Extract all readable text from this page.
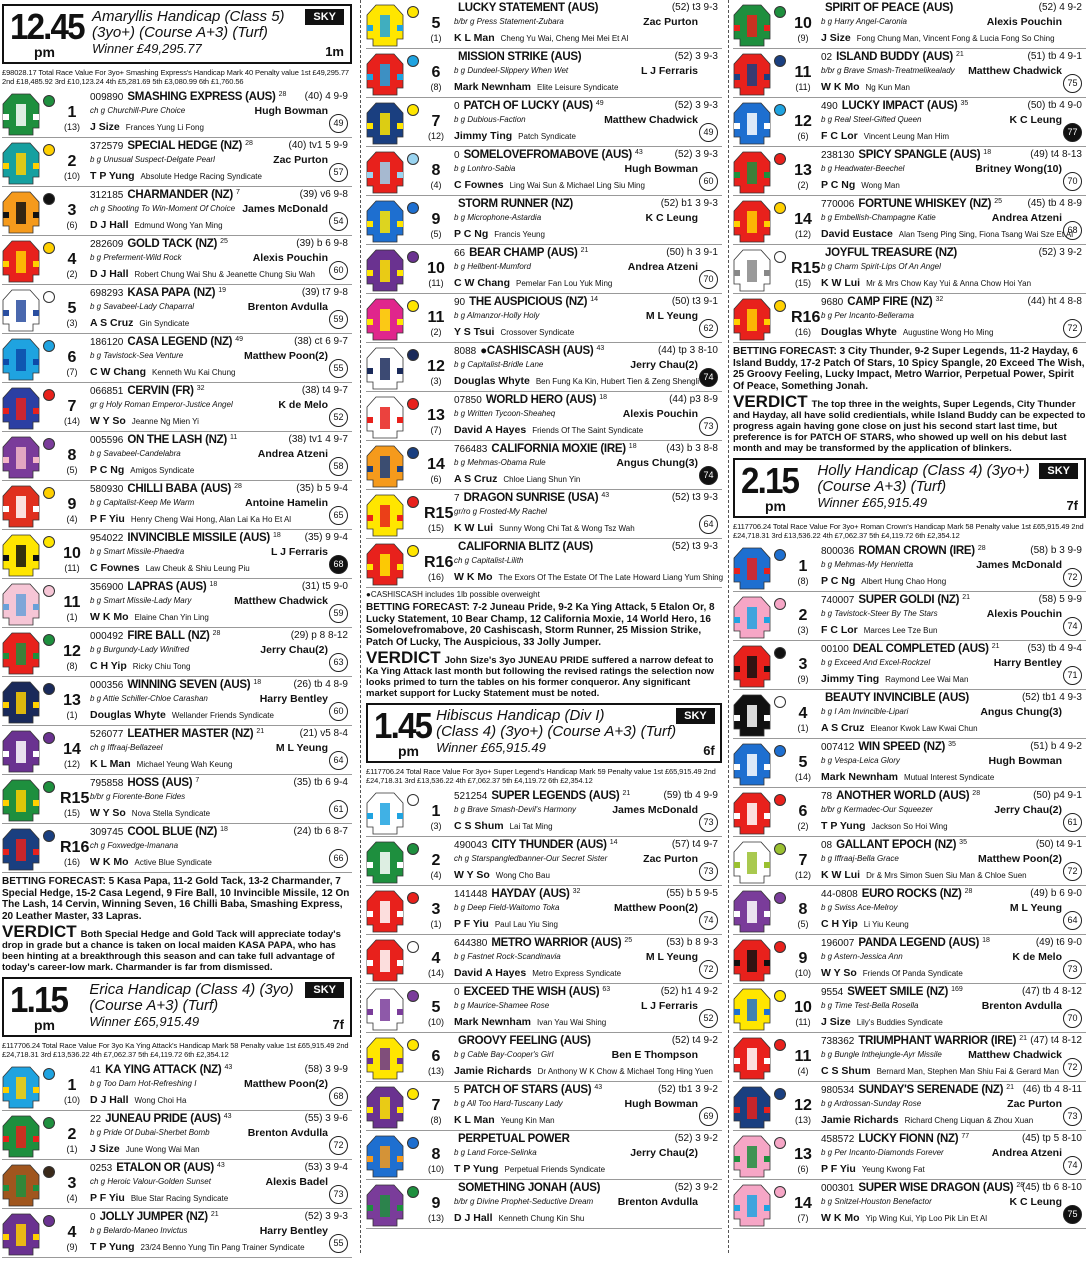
12.45
pm
Amaryllis Handicap (Class 5)
(3yo+) (Course A+3) (Turf)
Winner £49,295.77
SKY
1m
£98028.17 Total Race Value For 3yo+ Smashing Express's Handicap Mark 40 Penalty value 1st £49,295.77 2nd £18,485.92 3rd £10,123.24 4th £5,281.69 5th £3,080.99 6th £1,760.56
1
(13)
009890 SMASHING EXPRESS (AUS) $^{28}$ (40) 4 9-9
ch g Churchill-Pure Choice	Hugh Bowman
J Size Frances Yung Li Fong	49
2
(10)
372579 SPECIAL HEDGE (NZ) $^{28}$	(40) tv1 5 9-9
b g Unusual Suspect-Delgate Pearl	Zac Purton
T P Yung Absolute Hedge Racing Syndicate	57
3
(6)
312185 CHARMANDER (NZ) $^7$	(39) v6 9-8
ch g Shooting To Win-Moment Of Choice James McDonald
D J Hall Edmund Wong Yan Ming	54
4
(2)
282609 GOLD TACK (NZ) $^{25}$	(39) b 6 9-8
b g Preferment-Wild Rock	Alexis Pouchin
D J Hall Robert Chung Wai Shu & Jeanette Chung Siu Wah	60
5
(3)
698293 KASA PAPA (NZ) $^{19}$	(39) t7 9-8
b g Savabeel-Lady Chaparral	Brenton Avdulla
A S Cruz Gin Syndicate	59
6
(7)
186120 CASA LEGEND (NZ) $^{49}$	(38) ct 6 9-7
b g Tavistock-Sea Venture	Matthew Poon(2)
C W Chang Kenneth Wu Kai Chung	55
7
(14)
066851 CERVIN (FR) $^{32}$	(38) t4 9-7
gr g Holy Roman Emperor-Justice Angel	K de Melo
W Y So Jeanne Ng Mien Yi	52
8
(5)
005596 ON THE LASH (NZ) $^{11}$	(38) tv1 4 9-7
b g Savabeel-Candelabra	Andrea Atzeni
P C Ng Amigos Syndicate	58
9
(4)
580930 CHILLI BABA (AUS) $^{28}$	(35) b 5 9-4
b g Capitalist-Keep Me Warm	Antoine Hamelin
P F Yiu Henry Cheng Wai Hong, Alan Lai Ka Ho Et Al	65
10
(11)
954022 INVINCIBLE MISSILE (AUS) $^{18}$ (35) 9 9-4
b g Smart Missile-Phaedra	L J Ferraris
C Fownes Law Cheuk & Shiu Leung Piu	68
11
(1)
356900 LAPRAS (AUS) $^{18}$	(31) t5 9-0
b g Smart Missile-Lady Mary	Matthew Chadwick
W K Mo Elaine Chan Yin Ling	59
12
(8)
000492 FIRE BALL (NZ) $^{28}$	(29) p 8 8-12
b g Burgundy-Lady Winifred	Jerry Chau(2)
C H Yip Ricky Chiu Tong	63
13
(1)
000356 WINNING SEVEN (AUS) $^{18}$	(26) tb 4 8-9
b g Attie Schiller-Chloe Carashan	Harry Bentley
Douglas Whyte Wellander Friends Syndicate	60
14
(12)
526077 LEATHER MASTER (NZ) $^{21}$	(21) v5 8-4
ch g Iffraaj-Bellazeel	M L Yeung
K L Man Michael Yeung Wah Keung	64
R15
(15)
795858 HOSS (AUS) $^7$	(35) tb 6 9-4
b/br g Fiorente-Bone Fides
W Y So Nova Stella Syndicate	61
R16
(16)
309745 COOL BLUE (NZ) $^{18}$	(24) tb 6 8-7
ch g Foxwedge-Imanana
W K Mo Active Blue Syndicate	66
BETTING FORECAST: 5 Kasa Papa, 11-2 Gold Tack, 13-2 Charmander, 7 Special Hedge, 15-2 Casa Legend, 9 Fire Ball, 10 Invincible Missile, 12 On The Lash, 14 Cervin, Winning Seven, 16 Chilli Baba, Smashing Express, 20 Leather Master, 33 Lapras.
VERDICT Both Special Hedge and Gold Tack will appreciate today's drop in grade but a chance is taken on local maiden KASA PAPA, who has been hinting at a breakthrough this season and can take full advantage of today's career-low mark. Charmander is far from dismissed.
1.15
pm
Erica Handicap (Class 4) (3yo)
(Course A+3) (Turf)
Winner £65,915.49
SKY
7f
£117706.24 Total Race Value For 3yo Ka Ying Attack's Handicap Mark 58 Penalty value 1st £65,915.49 2nd £24,718.31 3rd £13,536.22 4th £7,062.37 5th £4,119.72 6th £2,354.12
1
(10)
41 KA YING ATTACK (NZ) $^{43}$	(58) 3 9-9
b g Too Darn Hot-Refreshing I	Matthew Poon(2)
D J Hall Wong Choi Ha	68
2
(1)
22 JUNEAU PRIDE (AUS) $^{43}$	(55) 3 9-6
b g Pride Of Dubai-Sherbet Bomb	Brenton Avdulla
J Size June Wong Wai Man	72
3
(4)
0253 ETALON OR (AUS) $^{43}$	(53) 3 9-4
ch g Heroic Valour-Golden Sunset	Alexis Badel
P F Yiu Blue Star Racing Syndicate	73
4
(9)
0 JOLLY JUMPER (NZ) $^{21}$	(52) 3 9-3
b g Belardo-Maneo Invictus	Harry Bentley
T P Yung 23/24 Benno Yung Tin Pang Trainer Syndicate	55
5
(1)
LUCKY STATEMENT (AUS)	(52) t3 9-3
b/br g Press Statement-Zubara	Zac Purton
K L Man Cheng Yu Wai, Cheng Mei Mei Et Al
6
(8)
MISSION STRIKE (AUS)	(52) 3 9-3
b g Dundeel-Slippery When Wet	L J Ferraris
Mark Newnham Elite Leisure Syndicate
7
(12)
0 PATCH OF LUCKY (AUS) $^{49}$	(52) 3 9-3
b g Dubious-Faction	Matthew Chadwick
Jimmy Ting Patch Syndicate	49
8
(4)
0 SOMELOVEFROMABOVE (AUS) $^{43}$	(52) 3 9-3
b g Lonhro-Sabia	Hugh Bowman
C Fownes Ling Wai Sun & Michael Ling Siu Ming	60
9
(5)
STORM RUNNER (NZ)	(52) b1 3 9-3
b g Microphone-Astardia	K C Leung
P C Ng Francis Yeung
10
(11)
66 BEAR CHAMP (AUS) $^{21}$	(50) h 3 9-1
b g Hellbent-Mumford	Andrea Atzeni
C W Chang Pemelar Fan Lou Yuk Ming	70
11
(2)
90 THE AUSPICIOUS (NZ) $^{14}$	(50) t3 9-1
b g Almanzor-Holly Holy	M L Yeung
Y S Tsui Crossover Syndicate	62
12
(3)
8088 ●CASHISCASH (AUS) $^{43}$	(44) tp 3 8-10
b g Capitalist-Bridle Lane	Jerry Chau(2)
Douglas Whyte Ben Fung Ka Kin, Hubert Tien & Zeng Shengli 74
13
(7)
07850 WORLD HERO (AUS) $^{18}$	(44) p3 8-9
b g Written Tycoon-Sheaheq	Alexis Pouchin
David A Hayes Friends Of The Saint Syndicate	73
14
(6)
766483 CALIFORNIA MOXIE (IRE) $^{18}$	(43) b 3 8-8
b g Mehmas-Obama Rule	Angus Chung(3)
A S Cruz Chloe Liang Shun Yin	74
R15
(15)
7 DRAGON SUNRISE (USA) $^{43}$	(52) t3 9-3
gr/ro g Frosted-My Rachel
K W Lui Sunny Wong Chi Tat & Wong Tsz Wah	64
R16
(16)
CALIFORNIA BLITZ (AUS)	(52) t3 9-3
ch g Capitalist-Lilith
W K Mo The Exors Of The Estate Of The Late Howard Liang Yum Shing
●CASHISCASH includes 1lb possible overweight
BETTING FORECAST: 7-2 Juneau Pride, 9-2 Ka Ying Attack, 5 Etalon Or, 8 Lucky Statement, 10 Bear Champ, 12 California Moxie, 14 World Hero, 16 Somelovefromabove, 20 Cashiscash, Storm Runner, 25 Mission Strike, Patch Of Lucky, The Auspicious, 33 Jolly Jumper.
VERDICT John Size's 3yo JUNEAU PRIDE suffered a narrow defeat to Ka Ying Attack last month but following the revised ratings the selection now looks primed to turn the tables on his former conqueror. Any significant market support for Lucky Statement must be noted.
1.45
pm
Hibiscus Handicap (Div I)
(Class 4) (3yo+) (Course A+3) (Turf)
Winner £65,915.49
SKY
6f
£117706.24 Total Race Value For 3yo+ Super Legend's Handicap Mark 59 Penalty value 1st £65,915.49 2nd £24,718.31 3rd £13,536.22 4th £7,062.37 5th £4,119.72 6th £2,354.12
1
(3)
521254 SUPER LEGENDS (AUS) $^{21}$	(59) tb 4 9-9
b g Brave Smash-Devil's Harmony	James McDonald
C S Shum Lai Tat Ming	73
2
(4)
490043 CITY THUNDER (AUS) $^{14}$	(57) t4 9-7
ch g Starspangledbanner-Our Secret Sister	Zac Purton
W Y So Wong Cho Bau	73
3
(1)
141448 HAYDAY (AUS) $^{32}$	(55) b 5 9-5
b g Deep Field-Waitomo Toka	Matthew Poon(2)
P F Yiu Paul Lau Yiu Sing	74
4
(14)
644380 METRO WARRIOR (AUS) $^{25}$	(53) b 8 9-3
b g Fastnet Rock-Scandinavia	M L Yeung
David A Hayes Metro Express Syndicate	72
5
(10)
0 EXCEED THE WISH (AUS) $^{63}$	(52) h1 4 9-2
b g Maurice-Shamee Rose	L J Ferraris
Mark Newnham Ivan Yau Wai Shing	52
6
(13)
GROOVY FEELING (AUS)	(52) t4 9-2
b g Cable Bay-Cooper's Girl	Ben E Thompson
Jamie Richards Dr Anthony W K Chow & Michael Tong Hing Yuen
7
(8)
5 PATCH OF STARS (AUS) $^{43}$	(52) tb1 3 9-2
b g All Too Hard-Tuscany Lady	Hugh Bowman
K L Man Yeung Kin Man	69
8
(10)
PERPETUAL POWER	(52) 3 9-2
b g Land Force-Selinka	Jerry Chau(2)
T P Yung Perpetual Friends Syndicate
9
(13)
SOMETHING JONAH (AUS)	(52) 3 9-2
b/br g Divine Prophet-Seductive Dream Brenton Avdulla
D J Hall Kenneth Chung Kin Shu
10
(9)
SPIRIT OF PEACE (AUS)	(52) 4 9-2
b g Harry Angel-Caronia	Alexis Pouchin
J Size Fong Chung Man, Vincent Fong & Lucia Fong So Ching
11
(11)
02 ISLAND BUDDY (AUS) $^{21}$	(51) tb 4 9-1
b/br g Brave Smash-Treatmelikealady Matthew Chadwick
W K Mo Ng Kun Man	75
12
(6)
490 LUCKY IMPACT (AUS) $^{35}$	(50) tb 4 9-0
b g Real Steel-Gifted Queen	K C Leung
F C Lor Vincent Leung Man Him	77
13
(2)
238130 SPICY SPANGLE (AUS) $^{18}$	(49) t4 8-13
b g Headwater-Beechel	Britney Wong(10)
P C Ng Wong Man	70
14
(12)
770006 FORTUNE WHISKEY (NZ) $^{25}$	(45) tb 4 8-9
b g Embellish-Champagne Katie	Andrea Atzeni
David Eustace Alan Tseng Ping Sing, Fiona Tsang Wai Sze Et Al
68
R15
(15)
JOYFUL TREASURE (NZ)	(52) 3 9-2
b g Charm Spirit-Lips Of An Angel
K W Lui Mr & Mrs Chow Kay Yui & Anna Chow Hoi Yan
R16
(16)
9680 CAMP FIRE (NZ) $^{32}$	(44) ht 4 8-8
b g Per Incanto-Bellerama
Douglas Whyte Augustine Wong Ho Ming	72
BETTING FORECAST: 3 City Thunder, 9-2 Super Legends, 11-2 Hayday, 6 Island Buddy, 17-2 Patch Of Stars, 10 Spicy Spangle, 20 Exceed The Wish, 25 Groovy Feeling, Lucky Impact, Metro Warrior, Perpetual Power, Spirit Of Peace, Something Jonah.
VERDICT The top three in the weights, Super Legends, City Thunder and Hayday, all have solid credientials, while Island Buddy can be expected to progress again having gone close on just his second start last time, but preference is for PATCH OF STARS, who showed up well on his debut last month and may be transformed by the application of blinkers.
2.15
pm
Holly Handicap (Class 4) (3yo+)
(Course A+3) (Turf)
Winner £65,915.49
SKY
7f
£117706.24 Total Race Value For 3yo+ Roman Crown's Handicap Mark 58 Penalty value 1st £65,915.49 2nd £24,718.31 3rd £13,536.22 4th £7,062.37 5th £4,119.72 6th £2,354.12
1
(8)
800036 ROMAN CROWN (IRE) $^{28}$	(58) b 3 9-9
b g Mehmas-My Henrietta	James McDonald
P C Ng Albert Hung Chao Hong	72
2
(3)
740007 SUPER GOLDI (NZ) $^{21}$	(58) 5 9-9
b g Tavistock-Steer By The Stars	Alexis Pouchin
F C Lor Marces Lee Tze Bun	74
3
(9)
00100 DEAL COMPLETED (AUS) $^{21}$	(53) tb 4 9-4
b g Exceed And Excel-Rockzel	Harry Bentley
Jimmy Ting Raymond Lee Wai Man	71
4
(1)
BEAUTY INVINCIBLE (AUS)	(52) tb1 4 9-3
b g I Am Invincible-Lipari	Angus Chung(3)
A S Cruz Eleanor Kwok Law Kwai Chun
5
(14)
007412 WIN SPEED (NZ) $^{35}$	(51) b 4 9-2
b g Vespa-Leica Glory	Hugh Bowman
Mark Newnham Mutual Interest Syndicate
6
(2)
78 ANOTHER WORLD (AUS) $^{28}$	(50) p4 9-1
b/br g Kermadec-Our Squeezer	Jerry Chau(2)
T P Yung Jackson So Hoi Wing	61
7
(12)
08 GALLANT EPOCH (NZ) $^{35}$	(50) t4 9-1
b g Iffraaj-Bella Grace	Matthew Poon(2)
K W Lui Dr & Mrs Simon Suen Siu Man & Chloe Suen	72
8
(5)
44-0808 EURO ROCKS (NZ) $^{28}$	(49) b 6 9-0
b g Swiss Ace-Melroy	M L Yeung
C H Yip Li Yiu Keung	64
9
(10)
196007 PANDA LEGEND (AUS) $^{18}$	(49) t6 9-0
b g Astern-Jessica Ann	K de Melo
W Y So Friends Of Panda Syndicate	73
10
(11)
9554 SWEET SMILE (NZ) $^{169}$	(47) tb 4 8-12
b g Time Test-Bella Rosella	Brenton Avdulla
J Size Lily's Buddies Syndicate	70
11
(4)
738362 TRIUMPHANT WARRIOR (IRE) $^{21}$ (47) t4 8-12
b g Bungle Inthejungle-Ayr Missile Matthew Chadwick
C S Shum Bernard Man, Stephen Man Shiu Fai & Gerard Man 72
12
(13)
980534 SUNDAY'S SERENADE (NZ) $^{21}$ (46) tb 4 8-11
b g Ardrossan-Sunday Rose	Zac Purton
Jamie Richards Richard Cheng Liquan & Zhou Xuan	73
13
(6)
458572 LUCKY FIONN (NZ) $^{77}$	(45) tp 5 8-10
b g Per Incanto-Diamonds Forever	Andrea Atzeni
P F Yiu Yeung Kwong Fat	74
14
(7)
000301 SUPER WISE DRAGON (AUS) $^{28}$
(45) tb 6 8-10
b g Snitzel-Houston Benefactor	K C Leung
W K Mo Yip Wing Kui, Yip Loo Pik Lin Et Al	75
